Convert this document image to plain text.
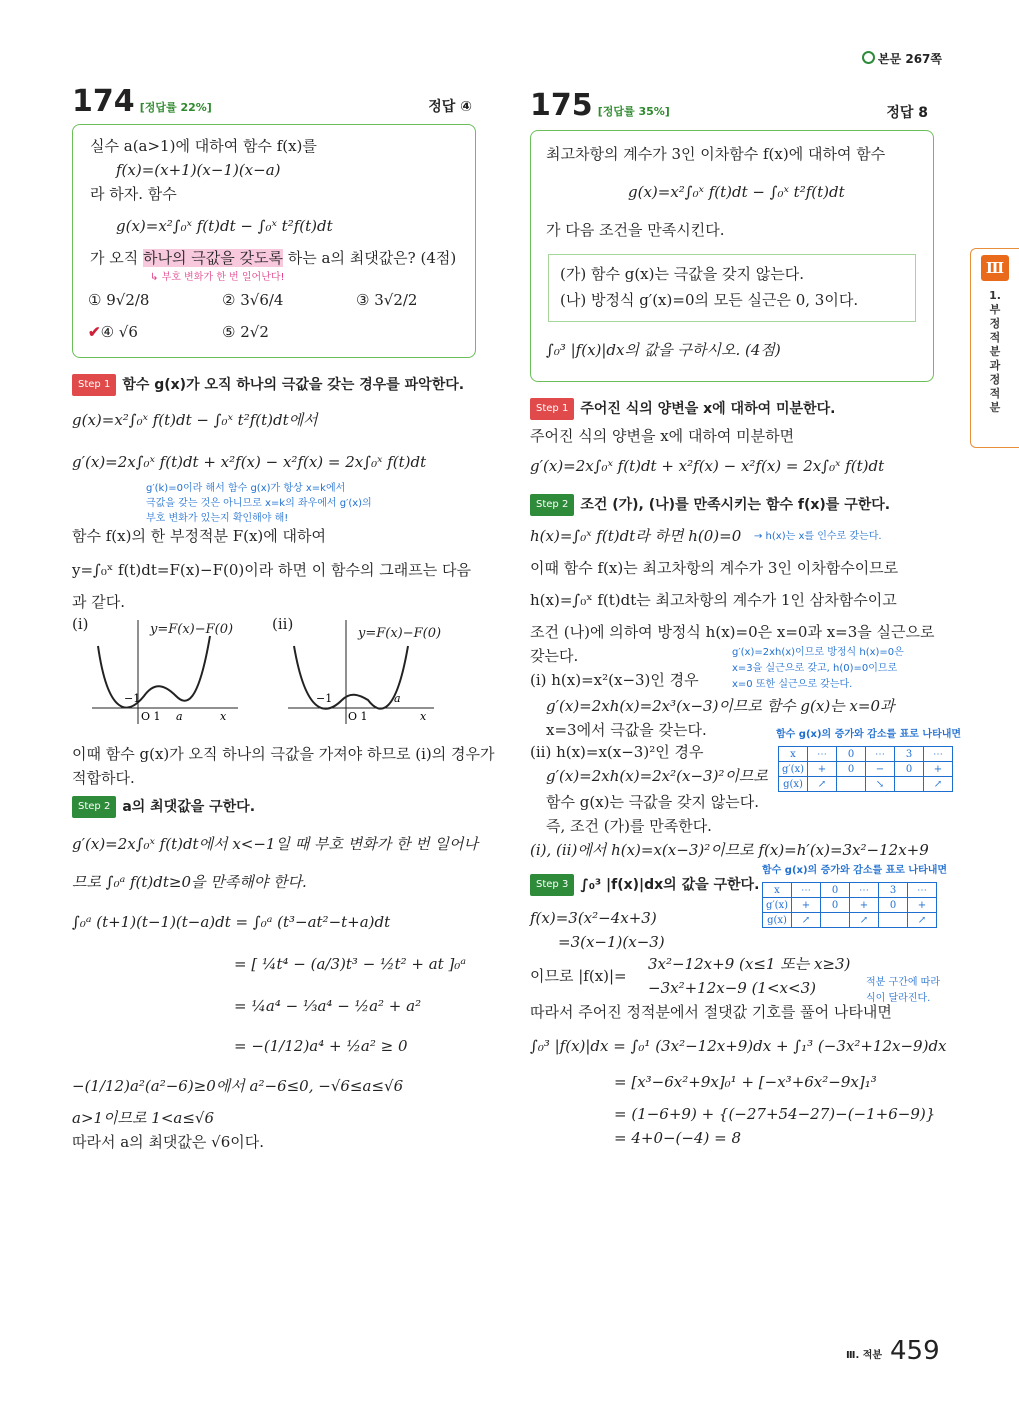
본문 267쪽
Ⅲ
1. 부정적분과 정적분
174 [정답률 22%]	정답 ④
실수 a(a>1)에 대하여 함수 f(x)를
f(x)=(x+1)(x−1)(x−a)
라 하자. 함수
g(x)=x²∫₀ˣ f(t)dt − ∫₀ˣ t²f(t)dt
가 오직 하나의 극값을 갖도록 하는 a의 최댓값은? (4점)
↳ 부호 변화가 한 번 일어난다!
① 9√2/8	② 3√6/4	③ 3√2/2
✔④ √6	⑤ 2√2
Step 1 함수 g(x)가 오직 하나의 극값을 갖는 경우를 파악한다.
g(x)=x²∫₀ˣ f(t)dt − ∫₀ˣ t²f(t)dt에서
g′(x)=2x∫₀ˣ f(t)dt + x²f(x) − x²f(x) = 2x∫₀ˣ f(t)dt
g′(k)=0이라 해서 함수 g(x)가 항상 x=k에서
극값을 갖는 것은 아니므로 x=k의 좌우에서 g′(x)의
부호 변화가 있는지 확인해야 해!
함수 f(x)의 한 부정적분 F(x)에 대하여
y=∫₀ˣ f(t)dt=F(x)−F(0)이라 하면 이 함수의 그래프는 다음
과 같다.
(i)	(ii)
−1
O 1 a	x
y=F(x)−F(0)
−1
O 1
a
x
y=F(x)−F(0)
이때 함수 g(x)가 오직 하나의 극값을 가져야 하므로 (i)의 경우가
적합하다.
Step 2 a의 최댓값을 구한다.
g′(x)=2x∫₀ˣ f(t)dt에서 x<−1일 때 부호 변화가 한 번 일어나
므로 ∫₀ᵃ f(t)dt≥0을 만족해야 한다.
∫₀ᵃ (t+1)(t−1)(t−a)dt = ∫₀ᵃ (t³−at²−t+a)dt
= [ ¼t⁴ − (a/3)t³ − ½t² + at ]₀ᵃ
= ¼a⁴ − ⅓a⁴ − ½a² + a²
= −(1/12)a⁴ + ½a² ≥ 0
−(1/12)a²(a²−6)≥0에서 a²−6≤0, −√6≤a≤√6
a>1이므로 1<a≤√6
따라서 a의 최댓값은 √6이다.
175 [정답률 35%]	정답 8
최고차항의 계수가 3인 이차함수 f(x)에 대하여 함수
g(x)=x²∫₀ˣ f(t)dt − ∫₀ˣ t²f(t)dt
가 다음 조건을 만족시킨다.
(가) 함수 g(x)는 극값을 갖지 않는다.
(나) 방정식 g′(x)=0의 모든 실근은 0, 3이다.
∫₀³ |f(x)|dx의 값을 구하시오. (4점)
Step 1 주어진 식의 양변을 x에 대하여 미분한다.
주어진 식의 양변을 x에 대하여 미분하면
g′(x)=2x∫₀ˣ f(t)dt + x²f(x) − x²f(x) = 2x∫₀ˣ f(t)dt
Step 2 조건 (가), (나)를 만족시키는 함수 f(x)를 구한다.
h(x)=∫₀ˣ f(t)dt라 하면 h(0)=0 → h(x)는 x를 인수로 갖는다.
이때 함수 f(x)는 최고차항의 계수가 3인 이차함수이므로
h(x)=∫₀ˣ f(t)dt는 최고차항의 계수가 1인 삼차함수이고
조건 (나)에 의하여 방정식 h(x)=0은 x=0과 x=3을 실근으로
갖는다.	g′(x)=2xh(x)이므로 방정식 h(x)=0은
x=3을 실근으로 갖고, h(0)=0이므로
x=0 또한 실근으로 갖는다.
(i) h(x)=x²(x−3)인 경우
g′(x)=2xh(x)=2x³(x−3)이므로 함수 g(x)는 x=0과
x=3에서 극값을 갖는다.	함수 g(x)의 증가와 감소를 표로 나타내면
x	⋯	0	⋯	3	⋯
g′(x)	+	0	−	0	+
g(x)	↗		↘		↗
(ii) h(x)=x(x−3)²인 경우
g′(x)=2xh(x)=2x²(x−3)²이므로
함수 g(x)는 극값을 갖지 않는다.
즉, 조건 (가)를 만족한다.
(i), (ii)에서 h(x)=x(x−3)²이므로 f(x)=h′(x)=3x²−12x+9
함수 g(x)의 증가와 감소를 표로 나타내면
x	⋯	0	⋯	3	⋯
g′(x)	+	0	+	0	+
g(x)	↗		↗		↗
Step 3 ∫₀³ |f(x)|dx의 값을 구한다.
f(x)=3(x²−4x+3)
=3(x−1)(x−3)
이므로 |f(x)|=
3x²−12x+9 (x≤1 또는 x≥3)
−3x²+12x−9 (1<x<3)	적분 구간에 따라
식이 달라진다.
따라서 주어진 정적분에서 절댓값 기호를 풀어 나타내면
∫₀³ |f(x)|dx = ∫₀¹ (3x²−12x+9)dx + ∫₁³ (−3x²+12x−9)dx
= [x³−6x²+9x]₀¹ + [−x³+6x²−9x]₁³
= (1−6+9) + {(−27+54−27)−(−1+6−9)}
= 4+0−(−4) = 8
Ⅲ. 적분 459
